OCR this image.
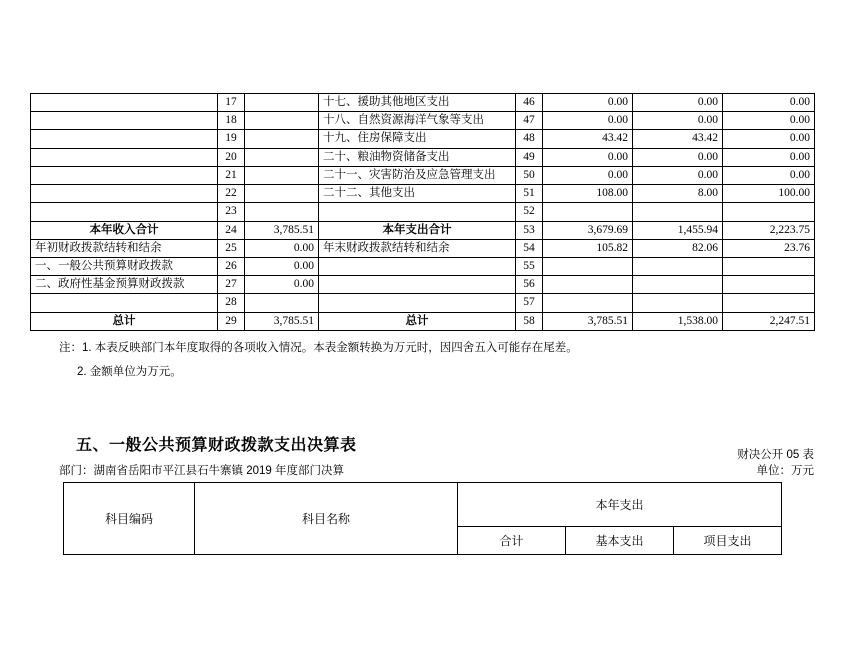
	17		十七、援助其他地区支出	46	0.00	0.00	0.00
	18		十八、自然资源海洋气象等支出	47	0.00	0.00	0.00
	19		十九、住房保障支出	48	43.42	43.42	0.00
	20		二十、粮油物资储备支出	49	0.00	0.00	0.00
	21		二十一、灾害防治及应急管理支出	50	0.00	0.00	0.00
	22		二十二、其他支出	51	108.00	8.00	100.00
	23			52			
本年收入合计	24	3,785.51	本年支出合计	53	3,679.69	1,455.94	2,223.75
年初财政拨款结转和结余	25	0.00	年末财政拨款结转和结余	54	105.82	82.06	23.76
一、一般公共预算财政拨款	26	0.00		55			
二、政府性基金预算财政拨款	27	0.00		56			
	28			57			
总计	29	3,785.51	总计	58	3,785.51	1,538.00	2,247.51
注：1. 本表反映部门本年度取得的各项收入情况。本表金额转换为万元时，因四舍五入可能存在尾差。
2. 金额单位为万元。
五、一般公共预算财政拨款支出决算表
财决公开 05 表
部门：湖南省岳阳市平江县石牛寨镇 2019 年度部门决算	单位：万元
科目编码	科目名称	本年支出		
		合计	基本支出	项目支出
